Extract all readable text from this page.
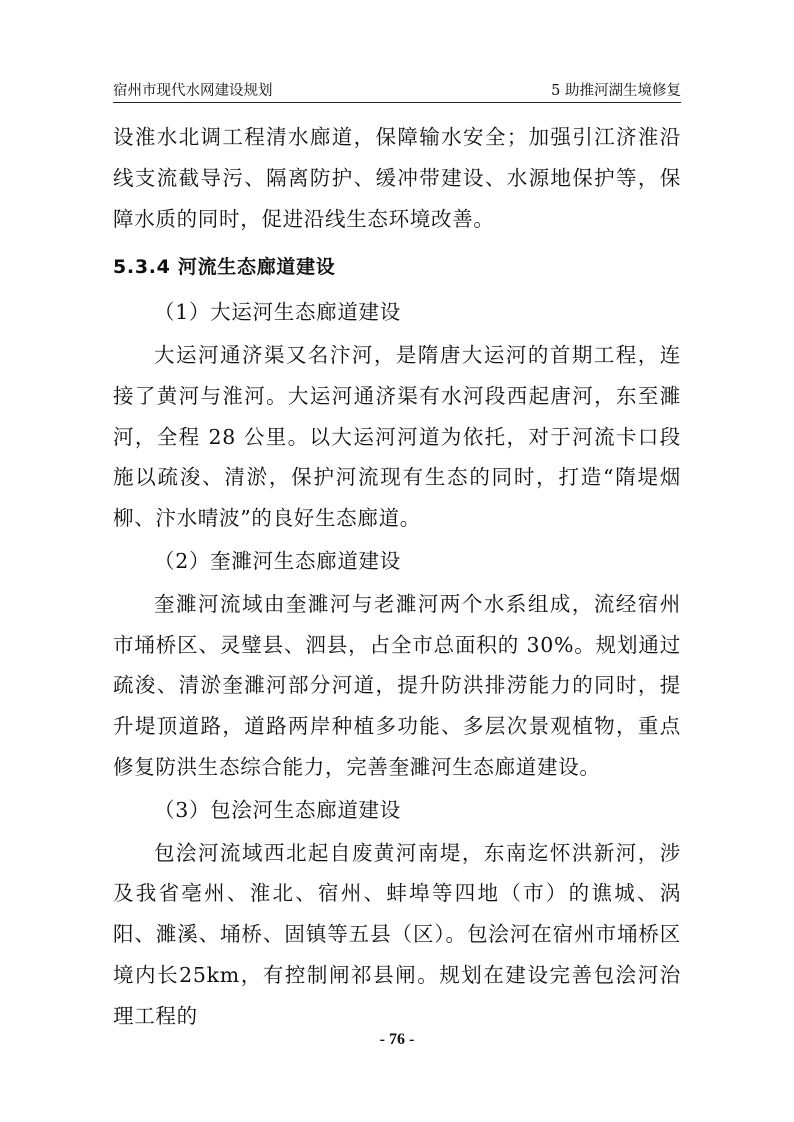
宿州市现代水网建设规划	5 助推河湖生境修复

设淮水北调工程清水廊道，保障输水安全；加强引江济淮沿线支流截导污、隔离防护、缓冲带建设、水源地保护等，保障水质的同时，促进沿线生态环境改善。

5.3.4 河流生态廊道建设

（1）大运河生态廊道建设

大运河通济渠又名汴河，是隋唐大运河的首期工程，连接了黄河与淮河。大运河通济渠有水河段西起唐河，东至濉河，全程 28 公里。以大运河河道为依托，对于河流卡口段施以疏浚、清淤，保护河流现有生态的同时，打造“隋堤烟柳、汴水晴波”的良好生态廊道。

（2）奎濉河生态廊道建设

奎濉河流域由奎濉河与老濉河两个水系组成，流经宿州市埇桥区、灵璧县、泗县，占全市总面积的 30%。规划通过疏浚、清淤奎濉河部分河道，提升防洪排涝能力的同时，提升堤顶道路，道路两岸种植多功能、多层次景观植物，重点修复防洪生态综合能力，完善奎濉河生态廊道建设。

（3）包浍河生态廊道建设

包浍河流域西北起自废黄河南堤，东南迄怀洪新河，涉及我省亳州、淮北、宿州、蚌埠等四地（市）的谯城、涡阳、濉溪、埇桥、固镇等五县（区）。包浍河在宿州市埇桥区境内长25km，有控制闸祁县闸。规划在建设完善包浍河治理工程的

- 76 -
